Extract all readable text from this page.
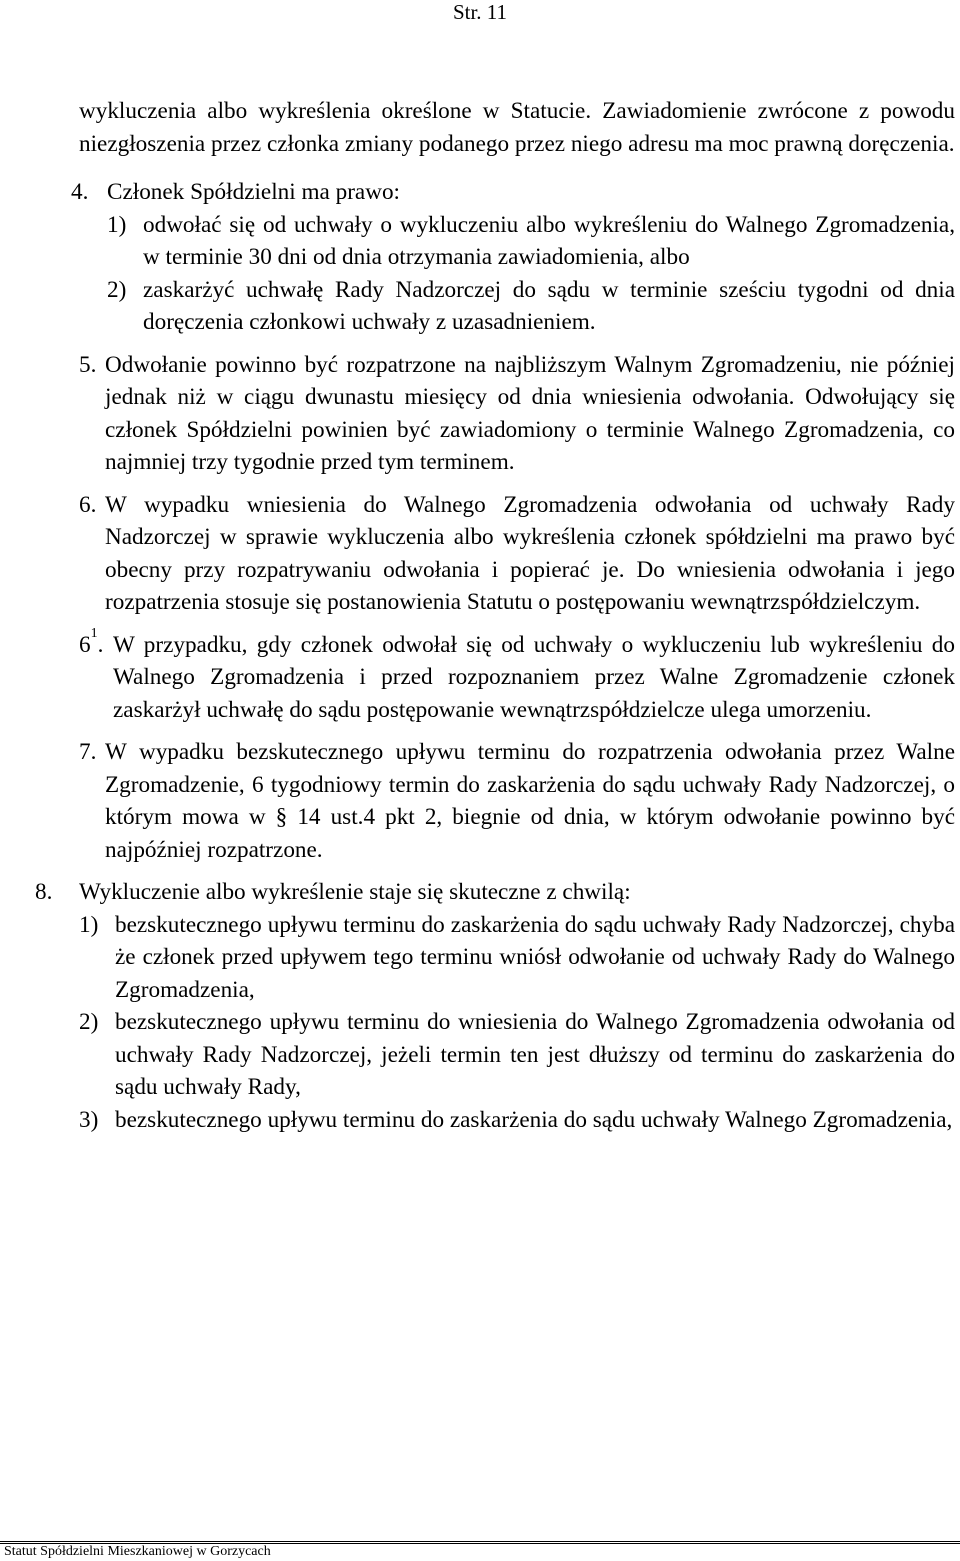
Str. 11

wykluczenia albo wykreślenia określone w Statucie. Zawiadomienie zwrócone z powodu niezgłoszenia przez członka zmiany podanego przez niego adresu ma moc prawną doręczenia.

4. Członek Spółdzielni ma prawo:
1) odwołać się od uchwały o wykluczeniu albo wykreśleniu do Walnego Zgromadzenia, w terminie 30 dni od dnia otrzymania zawiadomienia, albo
2) zaskarżyć uchwałę Rady Nadzorczej do sądu w terminie sześciu tygodni od dnia doręczenia członkowi uchwały z uzasadnieniem.
5. Odwołanie powinno być rozpatrzone na najbliższym Walnym Zgromadzeniu, nie później jednak niż w ciągu dwunastu miesięcy od dnia wniesienia odwołania. Odwołujący się członek Spółdzielni powinien być zawiadomiony o terminie Walnego Zgromadzenia, co najmniej trzy tygodnie przed tym terminem.
6. W wypadku wniesienia do Walnego Zgromadzenia odwołania od uchwały Rady Nadzorczej w sprawie wykluczenia albo wykreślenia członek spółdzielni ma prawo być obecny przy rozpatrywaniu odwołania i popierać je. Do wniesienia odwołania i jego rozpatrzenia stosuje się postanowienia Statutu o postępowaniu wewnątrzspółdzielczym.
$6^1$. W przypadku, gdy członek odwołał się od uchwały o wykluczeniu lub wykreśleniu do Walnego Zgromadzenia i przed rozpoznaniem przez Walne Zgromadzenie członek zaskarżył uchwałę do sądu postępowanie wewnątrzspółdzielcze ulega umorzeniu.
7. W wypadku bezskutecznego upływu terminu do rozpatrzenia odwołania przez Walne Zgromadzenie, 6 tygodniowy termin do zaskarżenia do sądu uchwały Rady Nadzorczej, o którym mowa w § 14 ust.4 pkt 2, biegnie od dnia, w którym odwołanie powinno być najpóźniej rozpatrzone.
8.	Wykluczenie albo wykreślenie staje się skuteczne z chwilą:
1) bezskutecznego upływu terminu do zaskarżenia do sądu uchwały Rady Nadzorczej, chyba że członek przed upływem tego terminu wniósł odwołanie od uchwały Rady do Walnego Zgromadzenia,
2) bezskutecznego upływu terminu do wniesienia do Walnego Zgromadzenia odwołania od uchwały Rady Nadzorczej, jeżeli termin ten jest dłuższy od terminu do zaskarżenia do sądu uchwały Rady,
3) bezskutecznego upływu terminu do zaskarżenia do sądu uchwały Walnego Zgromadzenia,
Statut Spółdzielni Mieszkaniowej w Gorzycach
